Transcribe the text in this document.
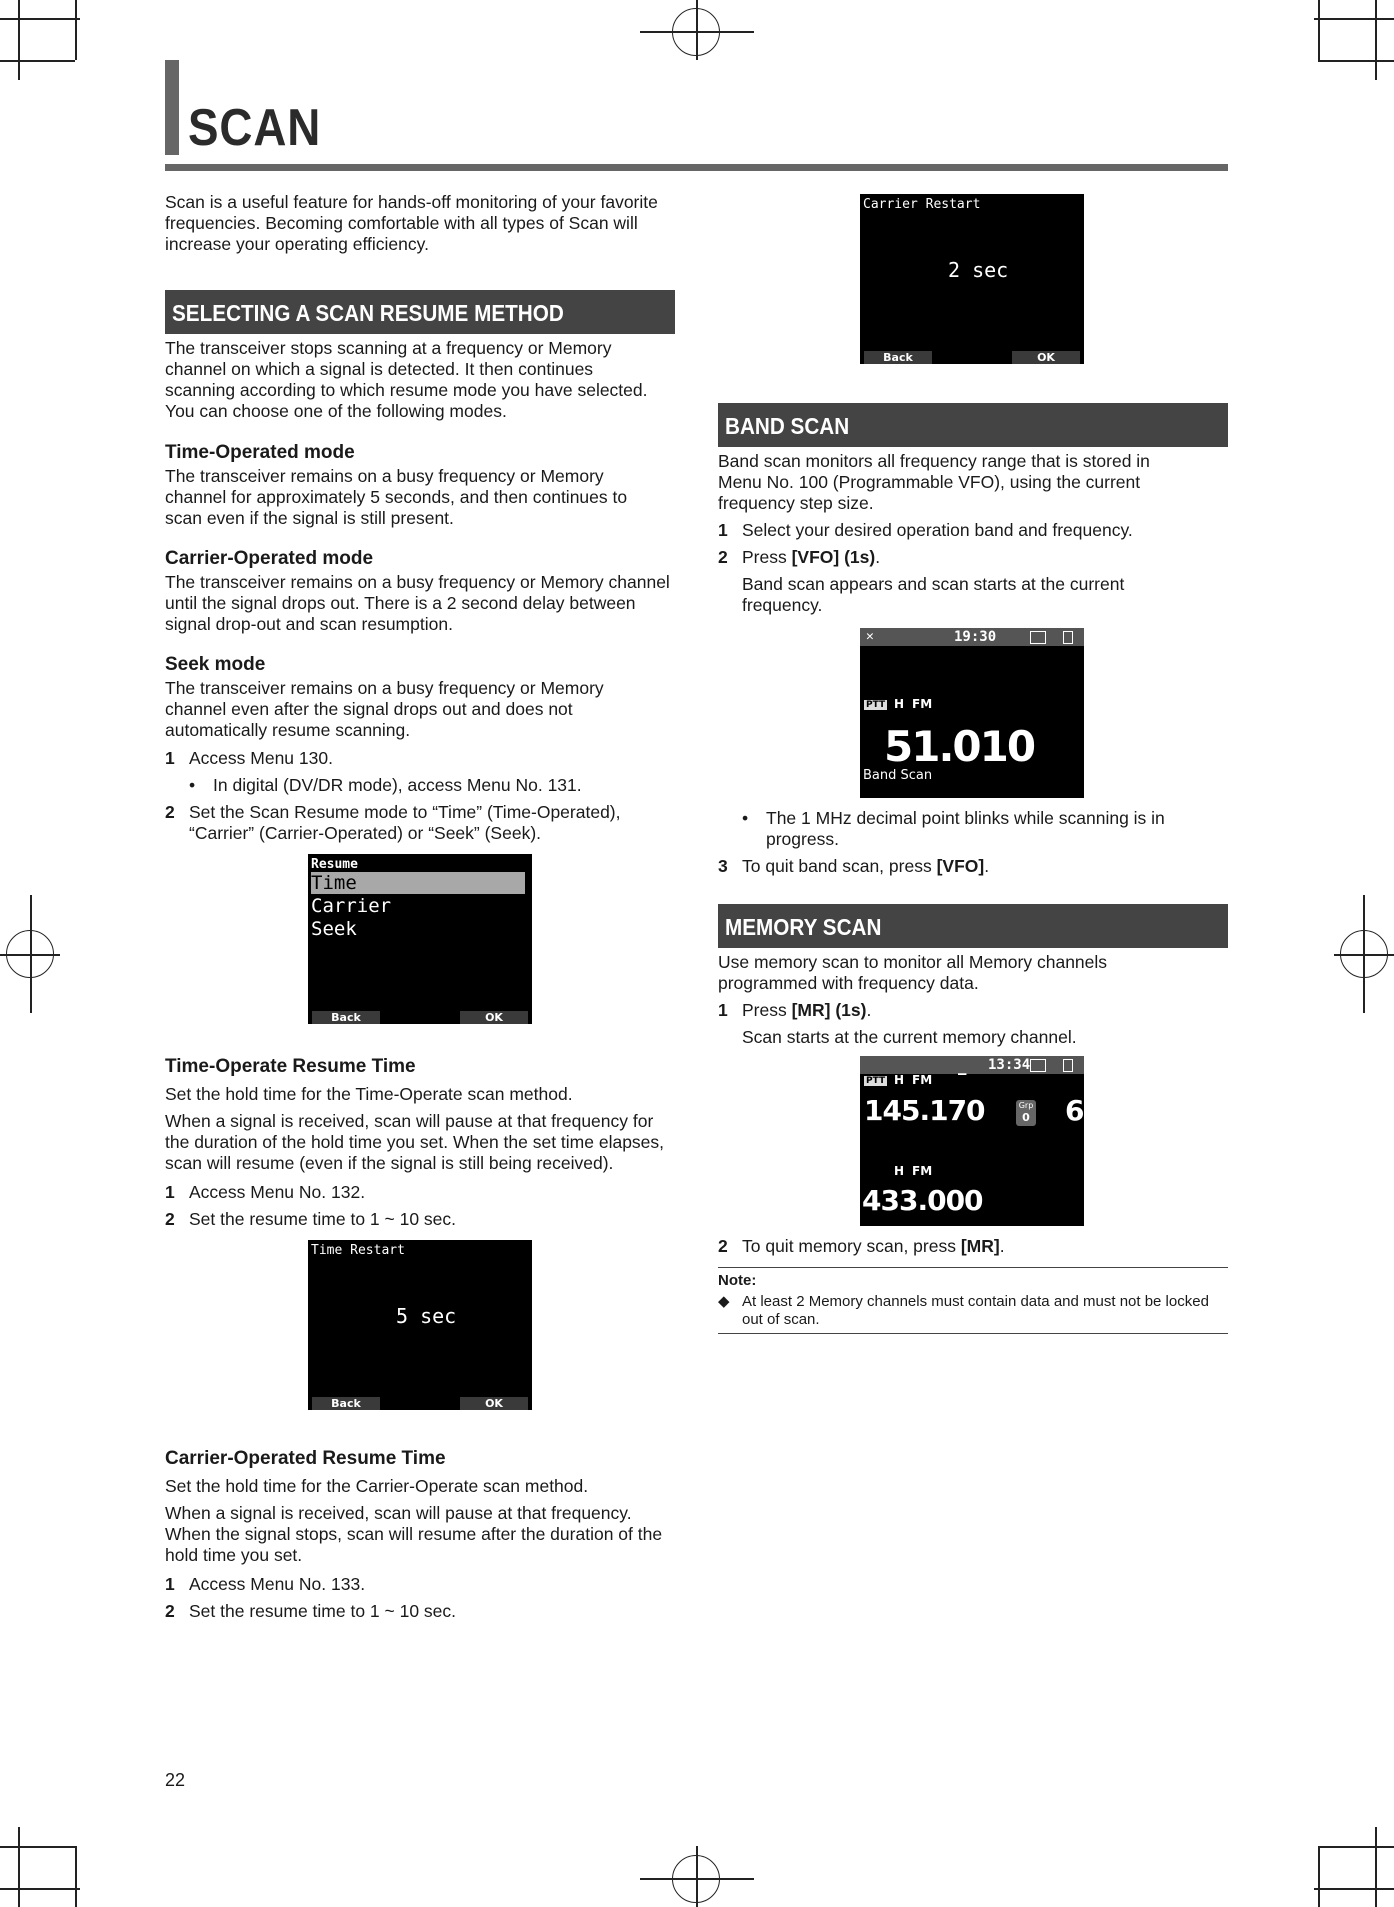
SCAN

Scan is a useful feature for hands-off monitoring of your favorite frequencies. Becoming comfortable with all types of Scan will increase your operating efficiency.

SELECTING A SCAN RESUME METHOD

The transceiver stops scanning at a frequency or Memory channel on which a signal is detected. It then continues scanning according to which resume mode you have selected. You can choose one of the following modes.

Time-Operated mode

The transceiver remains on a busy frequency or Memory channel for approximately 5 seconds, and then continues to scan even if the signal is still present.

Carrier-Operated mode

The transceiver remains on a busy frequency or Memory channel until the signal drops out. There is a 2 second delay between signal drop-out and scan resumption.

Seek mode

The transceiver remains on a busy frequency or Memory channel even after the signal drops out and does not automatically resume scanning.

1 Access Menu 130.
•	In digital (DV/DR mode), access Menu No. 131.
2 Set the Scan Resume mode to “Time” (Time-Operated), “Carrier” (Carrier-Operated) or “Seek” (Seek).
Resume
Time
Carrier
Seek
Back	OK
Time-Operate Resume Time

Set the hold time for the Time-Operate scan method.

When a signal is received, scan will pause at that frequency for the duration of the hold time you set. When the set time elapses, scan will resume (even if the signal is still being received).

1 Access Menu No. 132.
2 Set the resume time to 1 ~ 10 sec.
Time Restart
5 sec
Back	OK
Carrier-Operated Resume Time

Set the hold time for the Carrier-Operate scan method.

When a signal is received, scan will pause at that frequency. When the signal stops, scan will resume after the duration of the hold time you set.

1 Access Menu No. 133.
2 Set the resume time to 1 ~ 10 sec.
Carrier Restart
2 sec
Back	OK
BAND SCAN

Band scan monitors all frequency range that is stored in Menu No. 100 (Programmable VFO), using the current frequency step size.

1 Select your desired operation band and frequency.
2 Press [VFO] (1s).

Band scan appears and scan starts at the current frequency.

✕	19:30
PTT H FM
51.010
Band Scan
•	The 1 MHz decimal point blinks while scanning is in progress.
3 To quit band scan, press [VFO].
MEMORY SCAN

Use memory scan to monitor all Memory channels programmed with frequency data.

1 Press [MR] (1s).

Scan starts at the current memory channel.

PTT H FM –
13:34
145.170	Grp
0 6
H FM
433.000
2 To quit memory scan, press [MR].
Note:
◆ At least 2 Memory channels must contain data and must not be locked out of scan.
22
